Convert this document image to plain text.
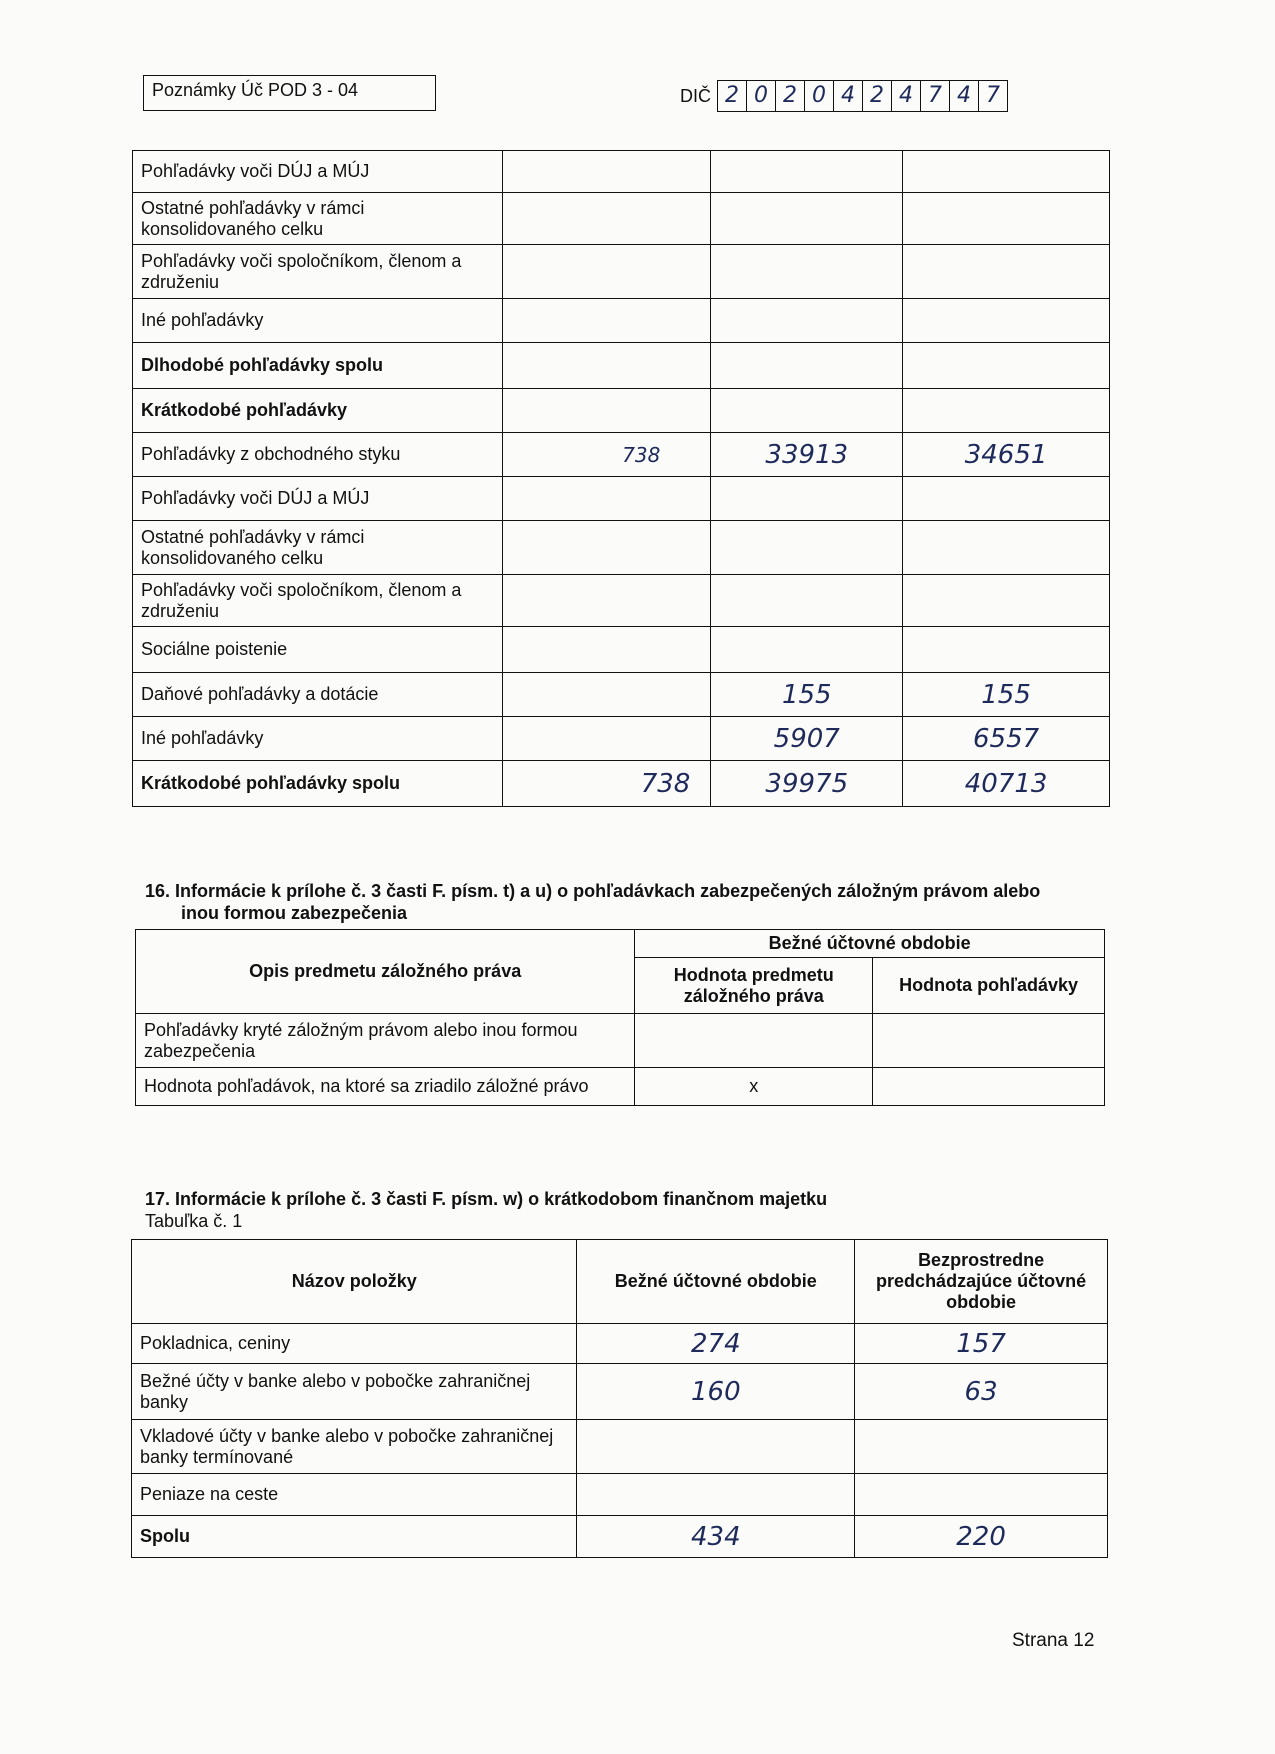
Poznámky Úč POD 3 - 04	DIČ 2 0 2 0 4 2 4 7 4 7
Pohľadávky voči DÚJ a MÚJ			
Ostatné pohľadávky v rámci konsolidovaného celku			
Pohľadávky voči spoločníkom, členom a združeniu			
Iné pohľadávky			
Dlhodobé pohľadávky spolu			
Krátkodobé pohľadávky			
Pohľadávky z obchodného styku	738	33913	34651
Pohľadávky voči DÚJ a MÚJ			
Ostatné pohľadávky v rámci konsolidovaného celku			
Pohľadávky voči spoločníkom, členom a združeniu			
Sociálne poistenie			
Daňové pohľadávky a dotácie		155	155
Iné pohľadávky		5907	6557
Krátkodobé pohľadávky spolu	738	39975	40713
16. Informácie k prílohe č. 3 časti F. písm. t) a u) o pohľadávkach zabezpečených záložným právom alebo
inou formou zabezpečenia
Opis predmetu záložného práva	Bežné účtovné obdobie	
	Hodnota predmetu záložného práva	Hodnota pohľadávky
Pohľadávky kryté záložným právom alebo inou formou zabezpečenia		
Hodnota pohľadávok, na ktoré sa zriadilo záložné právo	x	
17. Informácie k prílohe č. 3 časti F. písm. w) o krátkodobom finančnom majetku
Tabuľka č. 1
Názov položky	Bežné účtovné obdobie	Bezprostredne predchádzajúce účtovné obdobie
Pokladnica, ceniny	274	157
Bežné účty v banke alebo v pobočke zahraničnej banky	160	63
Vkladové účty v banke alebo v pobočke zahraničnej banky termínované		
Peniaze na ceste		
Spolu	434	220
Strana 12
